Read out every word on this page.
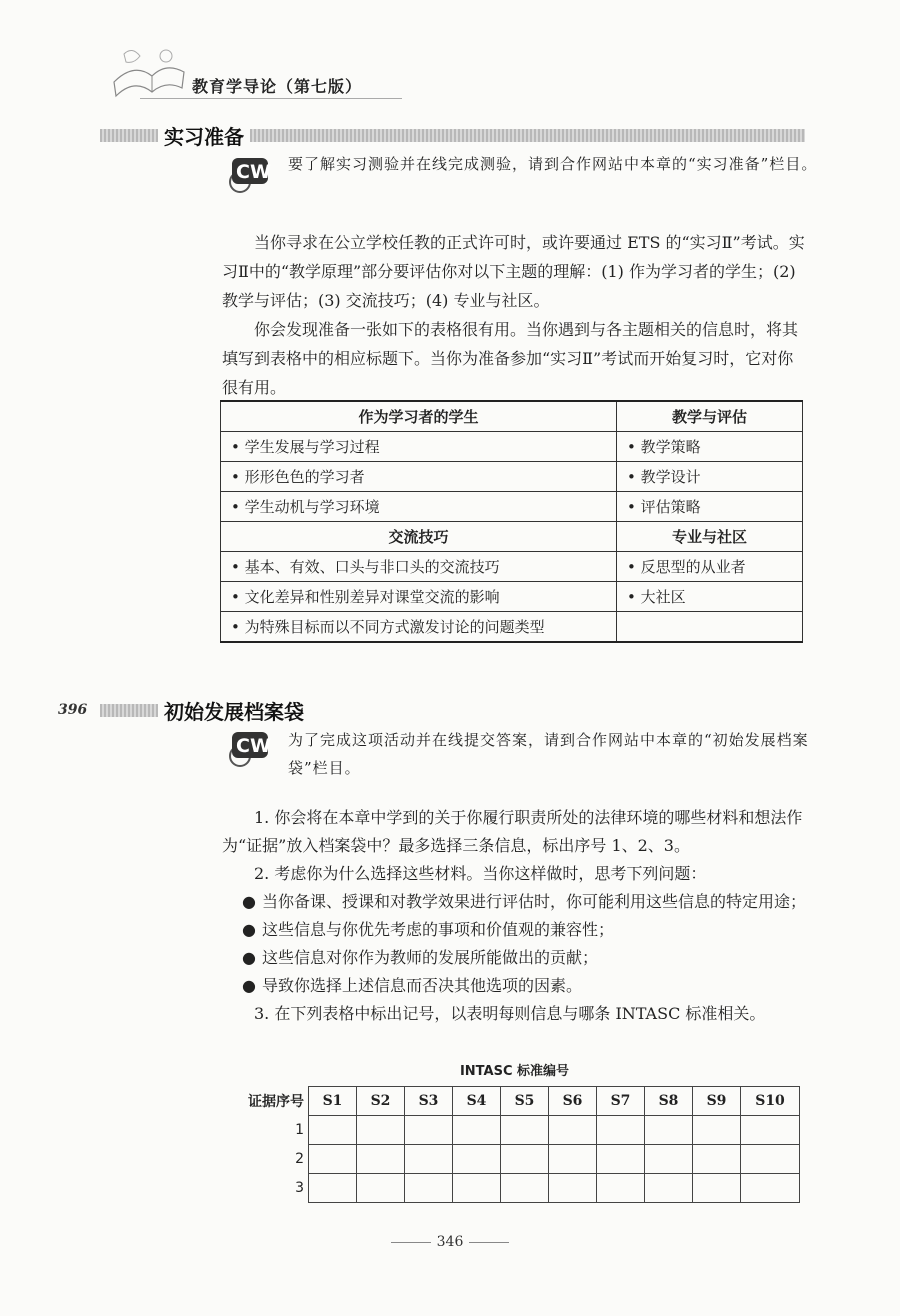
教育学导论（第七版）
实习准备
CW 要了解实习测验并在线完成测验，请到合作网站中本章的“实习准备”栏目。

当你寻求在公立学校任教的正式许可时，或许要通过 ETS 的“实习Ⅱ”考试。实习Ⅱ中的“教学原理”部分要评估你对以下主题的理解：(1) 作为学习者的学生；(2) 教学与评估；(3) 交流技巧；(4) 专业与社区。

你会发现准备一张如下的表格很有用。当你遇到与各主题相关的信息时，将其填写到表格中的相应标题下。当你为准备参加“实习Ⅱ”考试而开始复习时，它对你很有用。

作为学习者的学生	教学与评估
• 学生发展与学习过程	• 教学策略
• 形形色色的学习者	• 教学设计
• 学生动机与学习环境	• 评估策略
交流技巧	专业与社区
• 基本、有效、口头与非口头的交流技巧	• 反思型的从业者
• 文化差异和性别差异对课堂交流的影响	• 大社区
• 为特殊目标而以不同方式激发讨论的问题类型	
396	初始发展档案袋
CW 为了完成这项活动并在线提交答案，请到合作网站中本章的“初始发展档案袋”栏目。
1. 你会将在本章中学到的关于你履行职责所处的法律环境的哪些材料和想法作为“证据”放入档案袋中？最多选择三条信息，标出序号 1、2、3。
2. 考虑你为什么选择这些材料。当你这样做时，思考下列问题：
● 当你备课、授课和对教学效果进行评估时，你可能利用这些信息的特定用途；
● 这些信息与你优先考虑的事项和价值观的兼容性；
● 这些信息对你作为教师的发展所能做出的贡献；
● 导致你选择上述信息而否决其他选项的因素。
3. 在下列表格中标出记号，以表明每则信息与哪条 INTASC 标准相关。
INTASC 标准编号
证据序号	S1	S2	S3	S4	S5	S6	S7	S8	S9	S10
1										
2										
3										
346
